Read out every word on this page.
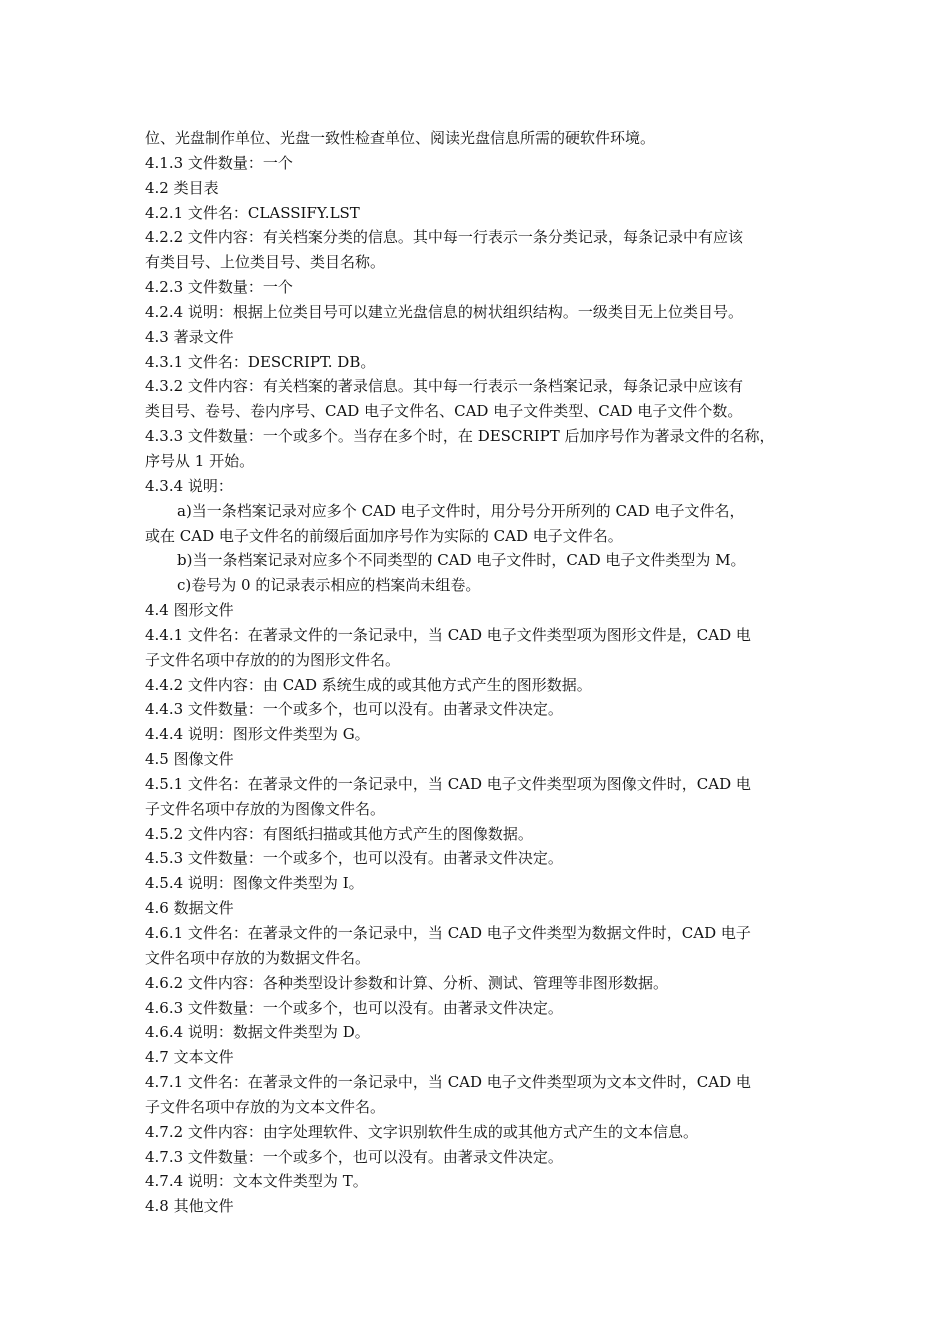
位、光盘制作单位、光盘一致性检查单位、阅读光盘信息所需的硬软件环境。
4.1.3 文件数量：一个
4.2 类目表
4.2.1 文件名：CLASSIFY.LST
4.2.2 文件内容：有关档案分类的信息。其中每一行表示一条分类记录，每条记录中有应该
有类目号、上位类目号、类目名称。
4.2.3 文件数量：一个
4.2.4 说明：根据上位类目号可以建立光盘信息的树状组织结构。一级类目无上位类目号。
4.3 著录文件
4.3.1 文件名：DESCRIPT. DB。
4.3.2 文件内容：有关档案的著录信息。其中每一行表示一条档案记录，每条记录中应该有
类目号、卷号、卷内序号、CAD 电子文件名、CAD 电子文件类型、CAD 电子文件个数。
4.3.3 文件数量：一个或多个。当存在多个时，在 DESCRIPT 后加序号作为著录文件的名称，
序号从 1 开始。
4.3.4 说明：
a)当一条档案记录对应多个 CAD 电子文件时，用分号分开所列的 CAD 电子文件名，
或在 CAD 电子文件名的前缀后面加序号作为实际的 CAD 电子文件名。
b)当一条档案记录对应多个不同类型的 CAD 电子文件时，CAD 电子文件类型为 M。
c)卷号为 0 的记录表示相应的档案尚未组卷。
4.4 图形文件
4.4.1 文件名：在著录文件的一条记录中，当 CAD 电子文件类型项为图形文件是，CAD 电
子文件名项中存放的的为图形文件名。
4.4.2 文件内容：由 CAD 系统生成的或其他方式产生的图形数据。
4.4.3 文件数量：一个或多个，也可以没有。由著录文件决定。
4.4.4 说明：图形文件类型为 G。
4.5 图像文件
4.5.1 文件名：在著录文件的一条记录中，当 CAD 电子文件类型项为图像文件时，CAD 电
子文件名项中存放的为图像文件名。
4.5.2 文件内容：有图纸扫描或其他方式产生的图像数据。
4.5.3 文件数量：一个或多个，也可以没有。由著录文件决定。
4.5.4 说明：图像文件类型为 I。
4.6 数据文件
4.6.1 文件名：在著录文件的一条记录中，当 CAD 电子文件类型为数据文件时，CAD 电子
文件名项中存放的为数据文件名。
4.6.2 文件内容：各种类型设计参数和计算、分析、测试、管理等非图形数据。
4.6.3 文件数量：一个或多个，也可以没有。由著录文件决定。
4.6.4 说明：数据文件类型为 D。
4.7 文本文件
4.7.1 文件名：在著录文件的一条记录中，当 CAD 电子文件类型项为文本文件时，CAD 电
子文件名项中存放的为文本文件名。
4.7.2 文件内容：由字处理软件、文字识别软件生成的或其他方式产生的文本信息。
4.7.3 文件数量：一个或多个，也可以没有。由著录文件决定。
4.7.4 说明：文本文件类型为 T。
4.8 其他文件
